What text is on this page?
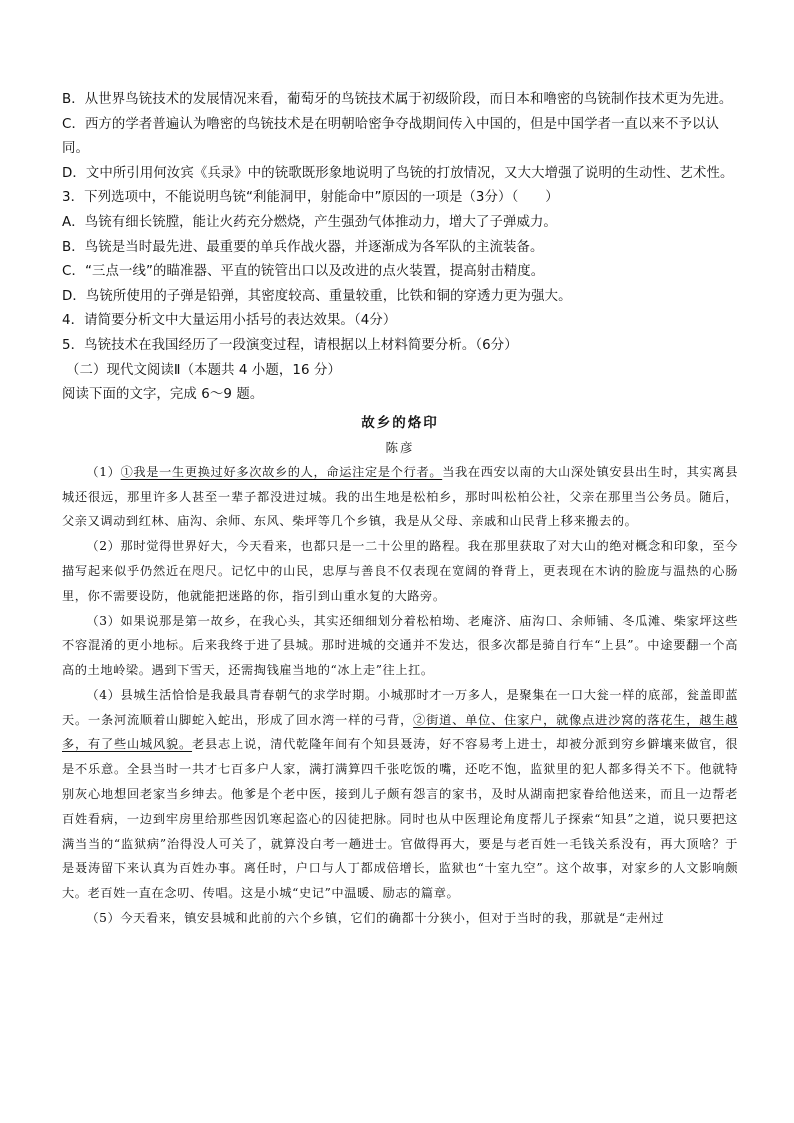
B．从世界鸟铳技术的发展情况来看，葡萄牙的鸟铳技术属于初级阶段，而日本和噜密的鸟铳制作技术更为先进。

C．西方的学者普遍认为噜密的鸟铳技术是在明朝哈密争夺战期间传入中国的，但是中国学者一直以来不予以认同。

D．文中所引用何汝宾《兵录》中的铳歌既形象地说明了鸟铳的打放情况，又大大增强了说明的生动性、艺术性。

3．下列选项中，不能说明鸟铳“利能洞甲，射能命中”原因的一项是（3分）（　　）

A．鸟铳有细长铳膛，能让火药充分燃烧，产生强劲气体推动力，增大了子弹威力。

B．鸟铳是当时最先进、最重要的单兵作战火器，并逐渐成为各军队的主流装备。

C．“三点一线”的瞄准器、平直的铳管出口以及改进的点火装置，提高射击精度。

D．鸟铳所使用的子弹是铅弹，其密度较高、重量较重，比铁和铜的穿透力更为强大。

4．请简要分析文中大量运用小括号的表达效果。（4分）

5．鸟铳技术在我国经历了一段演变过程，请根据以上材料简要分析。（6分）

（二）现代文阅读Ⅱ（本题共 4 小题，16 分）

阅读下面的文字，完成 6～9 题。

故乡的烙印

陈彦

（1）①我是一生更换过好多次故乡的人，命运注定是个行者。当我在西安以南的大山深处镇安县出生时，其实离县城还很远，那里许多人甚至一辈子都没进过城。我的出生地是松柏乡，那时叫松柏公社，父亲在那里当公务员。随后，父亲又调动到红林、庙沟、余师、东风、柴坪等几个乡镇，我是从父母、亲戚和山民背上移来搬去的。

（2）那时觉得世界好大，今天看来，也都只是一二十公里的路程。我在那里获取了对大山的绝对概念和印象，至今描写起来似乎仍然近在咫尺。记忆中的山民，忠厚与善良不仅表现在宽阔的脊背上，更表现在木讷的脸庞与温热的心肠里，你不需要设防，他就能把迷路的你，指引到山重水复的大路旁。

（3）如果说那是第一故乡，在我心头，其实还细细划分着松柏坳、老庵济、庙沟口、余师铺、冬瓜滩、柴家坪这些不容混淆的更小地标。后来我终于进了县城。那时进城的交通并不发达，很多次都是骑自行车“上县”。中途要翻一个高高的土地岭梁。遇到下雪天，还需掏钱雇当地的“冰上走”往上扛。

（4）县城生活恰恰是我最具青春朝气的求学时期。小城那时才一万多人，是聚集在一口大瓮一样的底部，瓮盖即蓝天。一条河流顺着山脚蛇入蛇出，形成了回水湾一样的弓背，②街道、单位、住家户，就像点进沙窝的落花生，越生越多，有了些山城风貌。老县志上说，清代乾隆年间有个知县聂涛，好不容易考上进士，却被分派到穷乡僻壤来做官，很是不乐意。全县当时一共才七百多户人家，满打满算四千张吃饭的嘴，还吃不饱，监狱里的犯人都多得关不下。他就特别灰心地想回老家当乡绅去。他爹是个老中医，接到儿子颇有怨言的家书，及时从湖南把家眷给他送来，而且一边帮老百姓看病，一边到牢房里给那些因饥寒起盗心的囚徒把脉。同时也从中医理论角度帮儿子探索“知县”之道，说只要把这满当当的“监狱病”治得没人可关了，就算没白考一趟进士。官做得再大，要是与老百姓一毛钱关系没有，再大顶啥？于是聂涛留下来认真为百姓办事。离任时，户口与人丁都成倍增长，监狱也“十室九空”。这个故事，对家乡的人文影响颇大。老百姓一直在念叨、传唱。这是小城“史记”中温暖、励志的篇章。

（5）今天看来，镇安县城和此前的六个乡镇，它们的确都十分狭小，但对于当时的我，那就是“走州过
